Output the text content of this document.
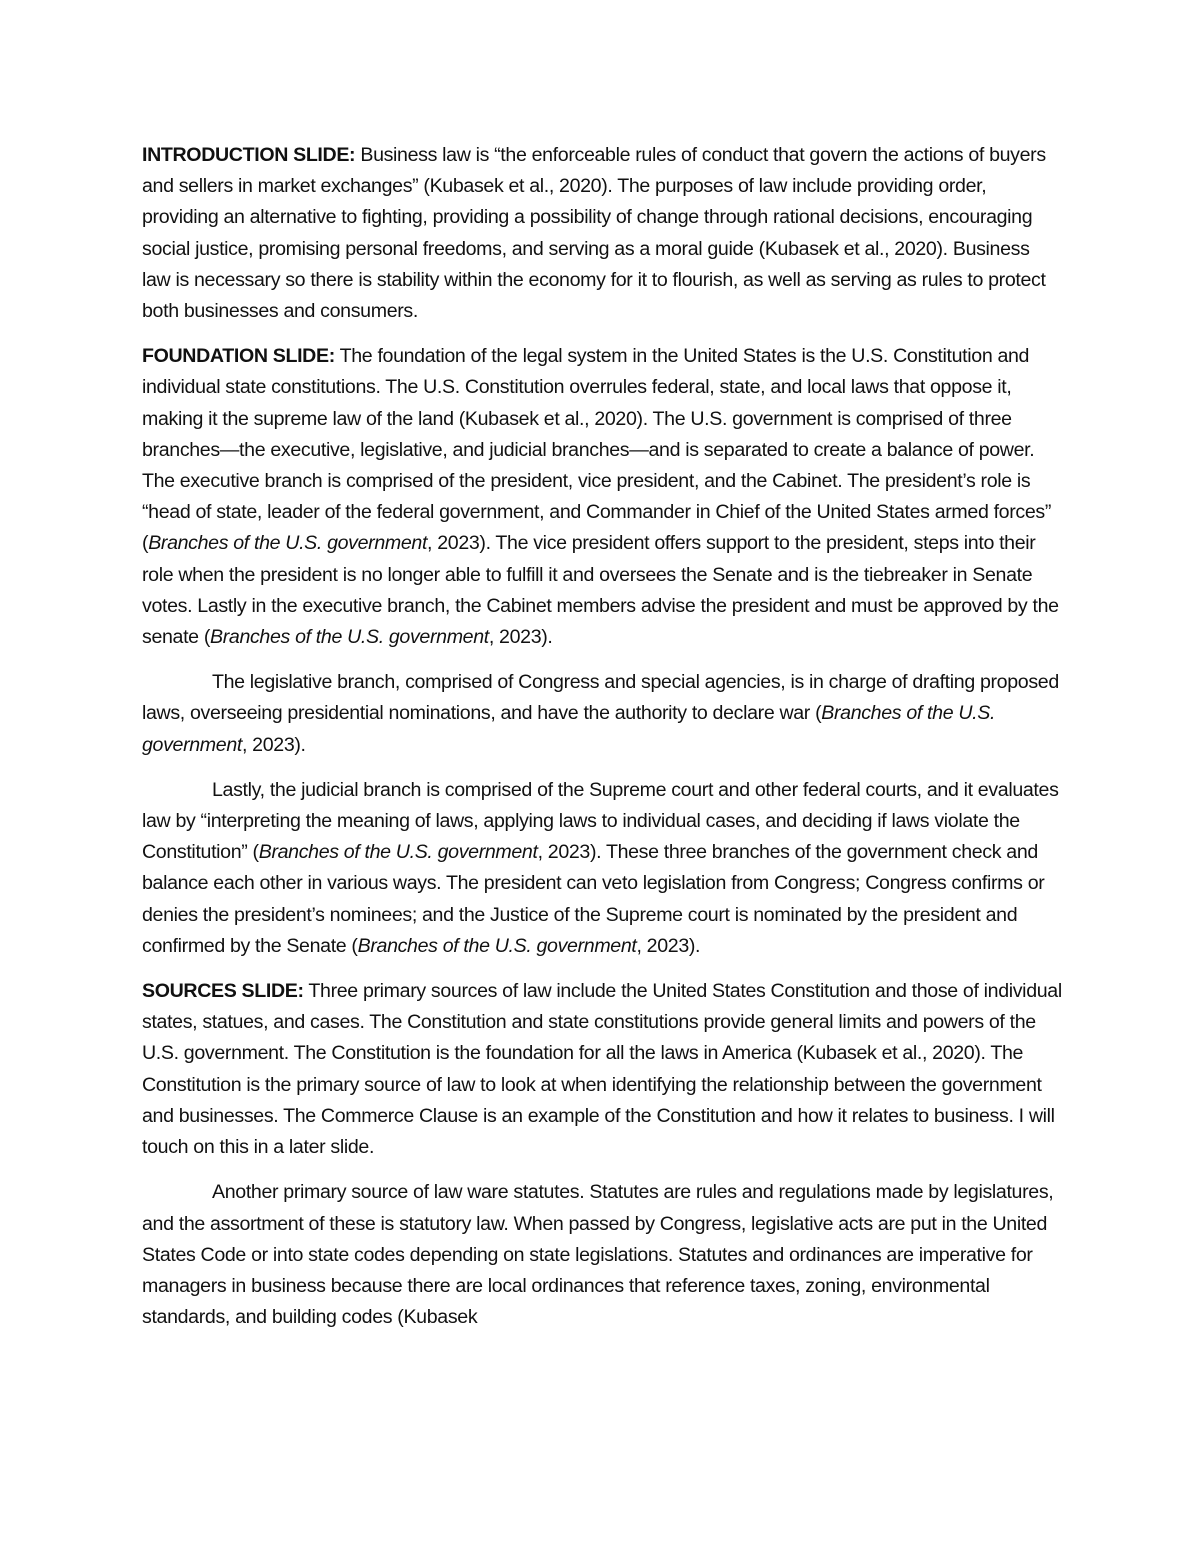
INTRODUCTION SLIDE: Business law is “the enforceable rules of conduct that govern the actions of buyers and sellers in market exchanges” (Kubasek et al., 2020). The purposes of law include providing order, providing an alternative to fighting, providing a possibility of change through rational decisions, encouraging social justice, promising personal freedoms, and serving as a moral guide (Kubasek et al., 2020). Business law is necessary so there is stability within the economy for it to flourish, as well as serving as rules to protect both businesses and consumers.

FOUNDATION SLIDE: The foundation of the legal system in the United States is the U.S. Constitution and individual state constitutions. The U.S. Constitution overrules federal, state, and local laws that oppose it, making it the supreme law of the land (Kubasek et al., 2020). The U.S. government is comprised of three branches—the executive, legislative, and judicial branches—and is separated to create a balance of power. The executive branch is comprised of the president, vice president, and the Cabinet. The president’s role is “head of state, leader of the federal government, and Commander in Chief of the United States armed forces” (Branches of the U.S. government, 2023). The vice president offers support to the president, steps into their role when the president is no longer able to fulfill it and oversees the Senate and is the tiebreaker in Senate votes. Lastly in the executive branch, the Cabinet members advise the president and must be approved by the senate (Branches of the U.S. government, 2023).

The legislative branch, comprised of Congress and special agencies, is in charge of drafting proposed laws, overseeing presidential nominations, and have the authority to declare war (Branches of the U.S. government, 2023).

Lastly, the judicial branch is comprised of the Supreme court and other federal courts, and it evaluates law by “interpreting the meaning of laws, applying laws to individual cases, and deciding if laws violate the Constitution” (Branches of the U.S. government, 2023). These three branches of the government check and balance each other in various ways. The president can veto legislation from Congress; Congress confirms or denies the president’s nominees; and the Justice of the Supreme court is nominated by the president and confirmed by the Senate (Branches of the U.S. government, 2023).

SOURCES SLIDE: Three primary sources of law include the United States Constitution and those of individual states, statues, and cases. The Constitution and state constitutions provide general limits and powers of the U.S. government. The Constitution is the foundation for all the laws in America (Kubasek et al., 2020). The Constitution is the primary source of law to look at when identifying the relationship between the government and businesses. The Commerce Clause is an example of the Constitution and how it relates to business. I will touch on this in a later slide.

Another primary source of law ware statutes. Statutes are rules and regulations made by legislatures, and the assortment of these is statutory law. When passed by Congress, legislative acts are put in the United States Code or into state codes depending on state legislations. Statutes and ordinances are imperative for managers in business because there are local ordinances that reference taxes, zoning, environmental standards, and building codes (Kubasek
